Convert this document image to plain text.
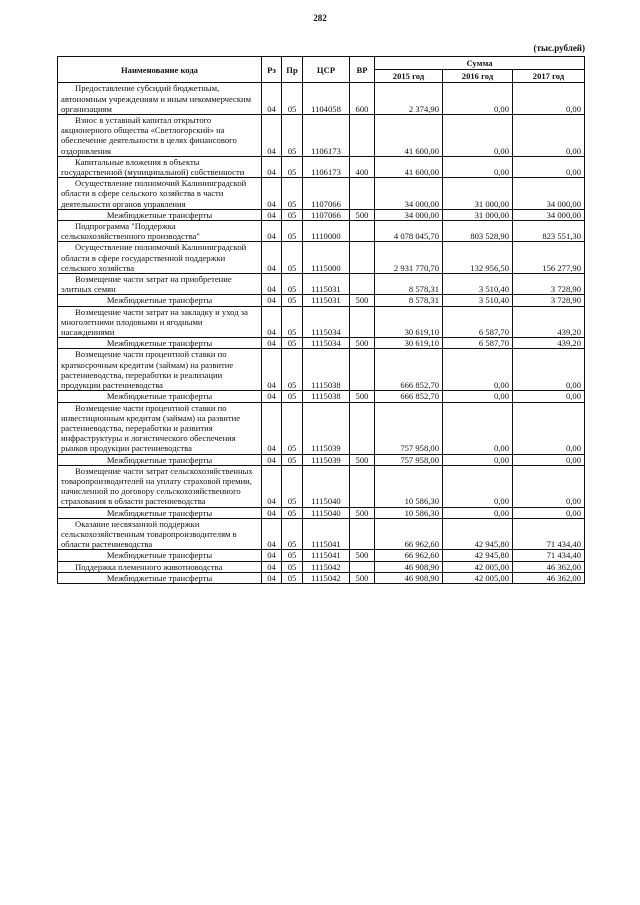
282
(тыс.рублей)
Наименование кода	Рз	Пр	ЦСР	ВР	Сумма		
					2015 год	2016 год	2017 год
Предоставление субсидий бюджетным, автономным учреждениям и иным некоммерческим организациям	04	05	1104058	600	2 374,90	0,00	0,00
Взнос в уставный капитал открытого акционерного общества «Светлогорский» на обеспечение деятельности в целях финансового оздоровления	04	05	1106173		41 600,00	0,00	0,00
Капитальные вложения в объекты государственной (муниципальной) собственности	04	05	1106173	400	41 600,00	0,00	0,00
Осуществление полномочий Калининградской области в сфере сельского хозяйства в части деятельности органов управления	04	05	1107066		34 000,00	31 000,00	34 000,00
Межбюджетные трансферты	04	05	1107066	500	34 000,00	31 000,00	34 000,00
Подпрограмма "Поддержка сельскохозяйственного производства"	04	05	1110000		4 078 045,70	803 528,90	823 551,30
Осуществление полномочий Калининградской области в сфере государственной поддержки сельского хозяйства	04	05	1115000		2 931 770,70	132 956,50	156 277,90
Возмещение части затрат на приобретение элитных семян	04	05	1115031		8 578,31	3 510,40	3 728,90
Межбюджетные трансферты	04	05	1115031	500	8 578,31	3 510,40	3 728,90
Возмещение части затрат на закладку и уход за многолетними плодовыми и ягодными насаждениями	04	05	1115034		30 619,10	6 587,70	439,20
Межбюджетные трансферты	04	05	1115034	500	30 619,10	6 587,70	439,20
Возмещение части процентной ставки по краткосрочным кредитам (займам) на развитие растениеводства, переработки и реализации продукции растениеводства	04	05	1115038		666 852,70	0,00	0,00
Межбюджетные трансферты	04	05	1115038	500	666 852,70	0,00	0,00
Возмещение части процентной ставки по инвестиционным кредитам (займам) на развитие растениеводства, переработки и развития инфраструктуры и логистического обеспечения рынков продукции растениеводства	04	05	1115039		757 958,00	0,00	0,00
Межбюджетные трансферты	04	05	1115039	500	757 958,00	0,00	0,00
Возмещение части затрат сельскохозяйственных товаропроизводителей на уплату страховой премии, начисленной по договору сельскохозяйственного страхования в области растениеводства	04	05	1115040		10 586,30	0,00	0,00
Межбюджетные трансферты	04	05	1115040	500	10 586,30	0,00	0,00
Оказание несвязанной поддержки сельскохозяйственным товаропроизводителям в области растениеводства	04	05	1115041		66 962,60	42 945,80	71 434,40
Межбюджетные трансферты	04	05	1115041	500	66 962,60	42 945,80	71 434,40
Поддержка племенного животноводства	04	05	1115042		46 908,90	42 005,00	46 362,00
Межбюджетные трансферты	04	05	1115042	500	46 908,90	42 005,00	46 362,00
